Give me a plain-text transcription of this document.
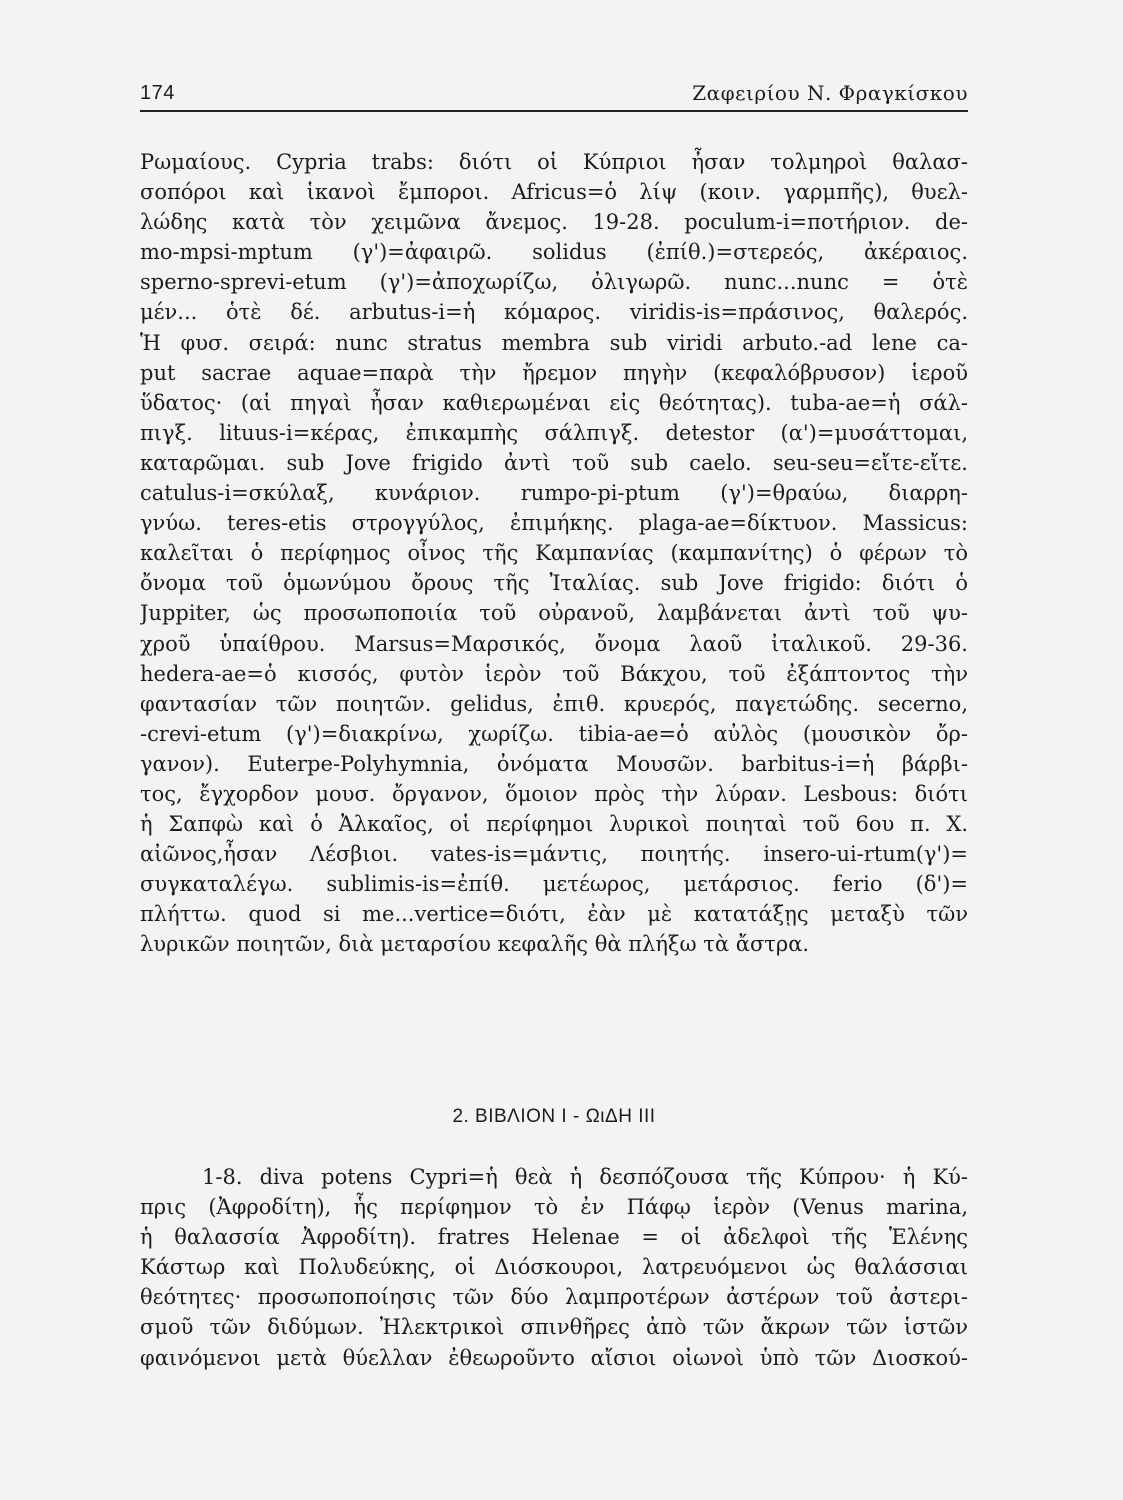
174	Ζαφειρίου Ν. Φραγκίσκου
Ρωμαίους. Cypria trabs: διότι οἱ Κύπριοι ἦσαν τολμηροὶ θαλασ-
σοπόροι καὶ ἱκανοὶ ἔμποροι. Africus=ὁ λίψ (κοιν. γαρμπῆς), θυελ-
λώδης κατὰ τὸν χειμῶνα ἄνεμος. 19-28. poculum-i=ποτήριον. de-
mo-mpsi-mptum (γ')=ἀφαιρῶ. solidus (ἐπίθ.)=στερεός, ἀκέραιος.
sperno-sprevi-etum (γ')=ἀποχωρίζω, ὀλιγωρῶ. nunc...nunc = ὁτὲ
μέν... ὁτὲ δέ. arbutus-i=ἡ κόμαρος. viridis-is=πράσινος, θαλερός.
Ἡ φυσ. σειρά: nunc stratus membra sub viridi arbuto.-ad lene ca-
put sacrae aquae=παρὰ τὴν ἤρεμον πηγὴν (κεφαλόβρυσον) ἱεροῦ
ὕδατος· (αἱ πηγαὶ ἦσαν καθιερωμέναι εἰς θεότητας). tuba-ae=ἡ σάλ-
πιγξ. lituus-i=κέρας, ἐπικαμπὴς σάλπιγξ. detestor (α')=μυσάττομαι,
καταρῶμαι. sub Jove frigido ἀντὶ τοῦ sub caelo. seu-seu=εἴτε-εἴτε.
catulus-i=σκύλαξ, κυνάριον. rumpo-pi-ptum (γ')=θραύω, διαρρη-
γνύω. teres-etis στρογγύλος, ἐπιμήκης. plaga-ae=δίκτυον. Massicus:
καλεῖται ὁ περίφημος οἶνος τῆς Καμπανίας (καμπανίτης) ὁ φέρων τὸ
ὄνομα τοῦ ὁμωνύμου ὄρους τῆς Ἰταλίας. sub Jove frigido: διότι ὁ
Juppiter, ὡς προσωποποιία τοῦ οὐρανοῦ, λαμβάνεται ἀντὶ τοῦ ψυ-
χροῦ ὑπαίθρου. Marsus=Μαρσικός, ὄνομα λαοῦ ἰταλικοῦ. 29-36.
hedera-ae=ὁ κισσός, φυτὸν ἱερὸν τοῦ Βάκχου, τοῦ ἐξάπτοντος τὴν
φαντασίαν τῶν ποιητῶν. gelidus, ἐπιθ. κρυερός, παγετώδης. secerno,
-crevi-etum (γ')=διακρίνω, χωρίζω. tibia-ae=ὁ αὐλὸς (μουσικὸν ὄρ-
γανον). Euterpe-Polyhymnia, ὀνόματα Μουσῶν. barbitus-i=ἡ βάρβι-
τος, ἔγχορδον μουσ. ὄργανον, ὅμοιον πρὸς τὴν λύραν. Lesbous: διότι
ἡ Σαπφὼ καὶ ὁ Ἀλκαῖος, οἱ περίφημοι λυρικοὶ ποιηταὶ τοῦ 6ου π. Χ.
αἰῶνος,ἦσαν Λέσβιοι. vates-is=μάντις, ποιητής. insero-ui-rtum(γ')=
συγκαταλέγω. sublimis-is=ἐπίθ. μετέωρος, μετάρσιος. ferio (δ')=
πλήττω. quod si me...vertice=διότι, ἐὰν μὲ κατατάξῃς μεταξὺ τῶν
λυρικῶν ποιητῶν, διὰ μεταρσίου κεφαλῆς θὰ πλήξω τὰ ἄστρα.
2. ΒΙΒΛΙΟΝ Ι - ΩιΔΗ ΙΙΙ
1-8. diva potens Cypri=ἡ θεὰ ἡ δεσπόζουσα τῆς Κύπρου· ἡ Κύ-
πρις (Ἀφροδίτη), ἧς περίφημον τὸ ἐν Πάφῳ ἱερὸν (Venus marina,
ἡ θαλασσία Ἀφροδίτη). fratres Helenae = οἱ ἀδελφοὶ τῆς Ἑλένης
Κάστωρ καὶ Πολυδεύκης, οἱ Διόσκουροι, λατρευόμενοι ὡς θαλάσσιαι
θεότητες· προσωποποίησις τῶν δύο λαμπροτέρων ἀστέρων τοῦ ἀστερι-
σμοῦ τῶν διδύμων. Ἠλεκτρικοὶ σπινθῆρες ἀπὸ τῶν ἄκρων τῶν ἱστῶν
φαινόμενοι μετὰ θύελλαν ἐθεωροῦντο αἴσιοι οἰωνοὶ ὑπὸ τῶν Διοσκού-
